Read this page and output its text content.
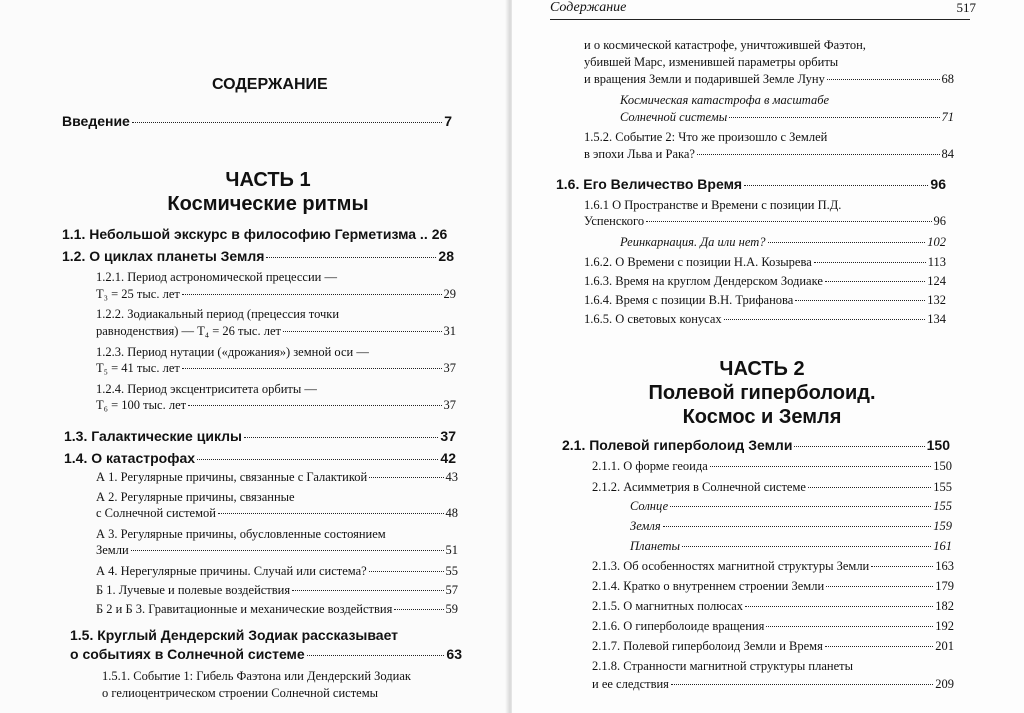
СОДЕРЖАНИЕ
Введение	7
ЧАСТЬ 1
Космические ритмы
1.1. Небольшой экскурс в философию Герметизма .. 26
1.2. О циклах планеты Земля	28
1.2.1. Период астрономической прецессии —
T₃ = 25 тыс. лет	29
1.2.2. Зодиакальный период (прецессия точки
равноденствия) — T₄ = 26 тыс. лет	31
1.2.3. Период нутации («дрожания») земной оси —
T₅ = 41 тыс. лет	37
1.2.4. Период эксцентриситета орбиты —
T₆ = 100 тыс. лет	37
1.3. Галактические циклы	37
1.4. О катастрофах	42
А 1. Регулярные причины, связанные с Галактикой	43
А 2. Регулярные причины, связанные
с Солнечной системой	48
А 3. Регулярные причины, обусловленные состоянием
Земли	51
А 4. Нерегулярные причины. Случай или система?	55
Б 1. Лучевые и полевые воздействия	57
Б 2 и Б 3. Гравитационные и механические воздействия	59
1.5. Круглый Дендерский Зодиак рассказывает
о событиях в Солнечной системе	63
1.5.1. Событие 1: Гибель Фаэтона или Дендерский Зодиак
о гелиоцентрическом строении Солнечной системы
Содержание	517
и о космической катастрофе, уничтожившей Фаэтон,
убившей Марс, изменившей параметры орбиты
и вращения Земли и подарившей Земле Луну	68
Космическая катастрофа в масштабе
Солнечной системы	71
1.5.2. Событие 2: Что же произошло с Землей
в эпохи Льва и Рака?	84
1.6. Его Величество Время	96
1.6.1 О Пространстве и Времени с позиции П.Д.
Успенского	96
Реинкарнация. Да или нет?	102
1.6.2. О Времени с позиции Н.А. Козырева	113
1.6.3. Время на круглом Дендерском Зодиаке	124
1.6.4. Время с позиции В.Н. Трифанова	132
1.6.5. О световых конусах	134
ЧАСТЬ 2
Полевой гиперболоид.
Космос и Земля
2.1. Полевой гиперболоид Земли	150
2.1.1. О форме геоида	150
2.1.2. Асимметрия в Солнечной системе	155
Солнце	155
Земля	159
Планеты	161
2.1.3. Об особенностях магнитной структуры Земли	163
2.1.4. Кратко о внутреннем строении Земли	179
2.1.5. О магнитных полюсах	182
2.1.6. О гиперболоиде вращения	192
2.1.7. Полевой гиперболоид Земли и Время	201
2.1.8. Странности магнитной структуры планеты
и ее следствия	209
